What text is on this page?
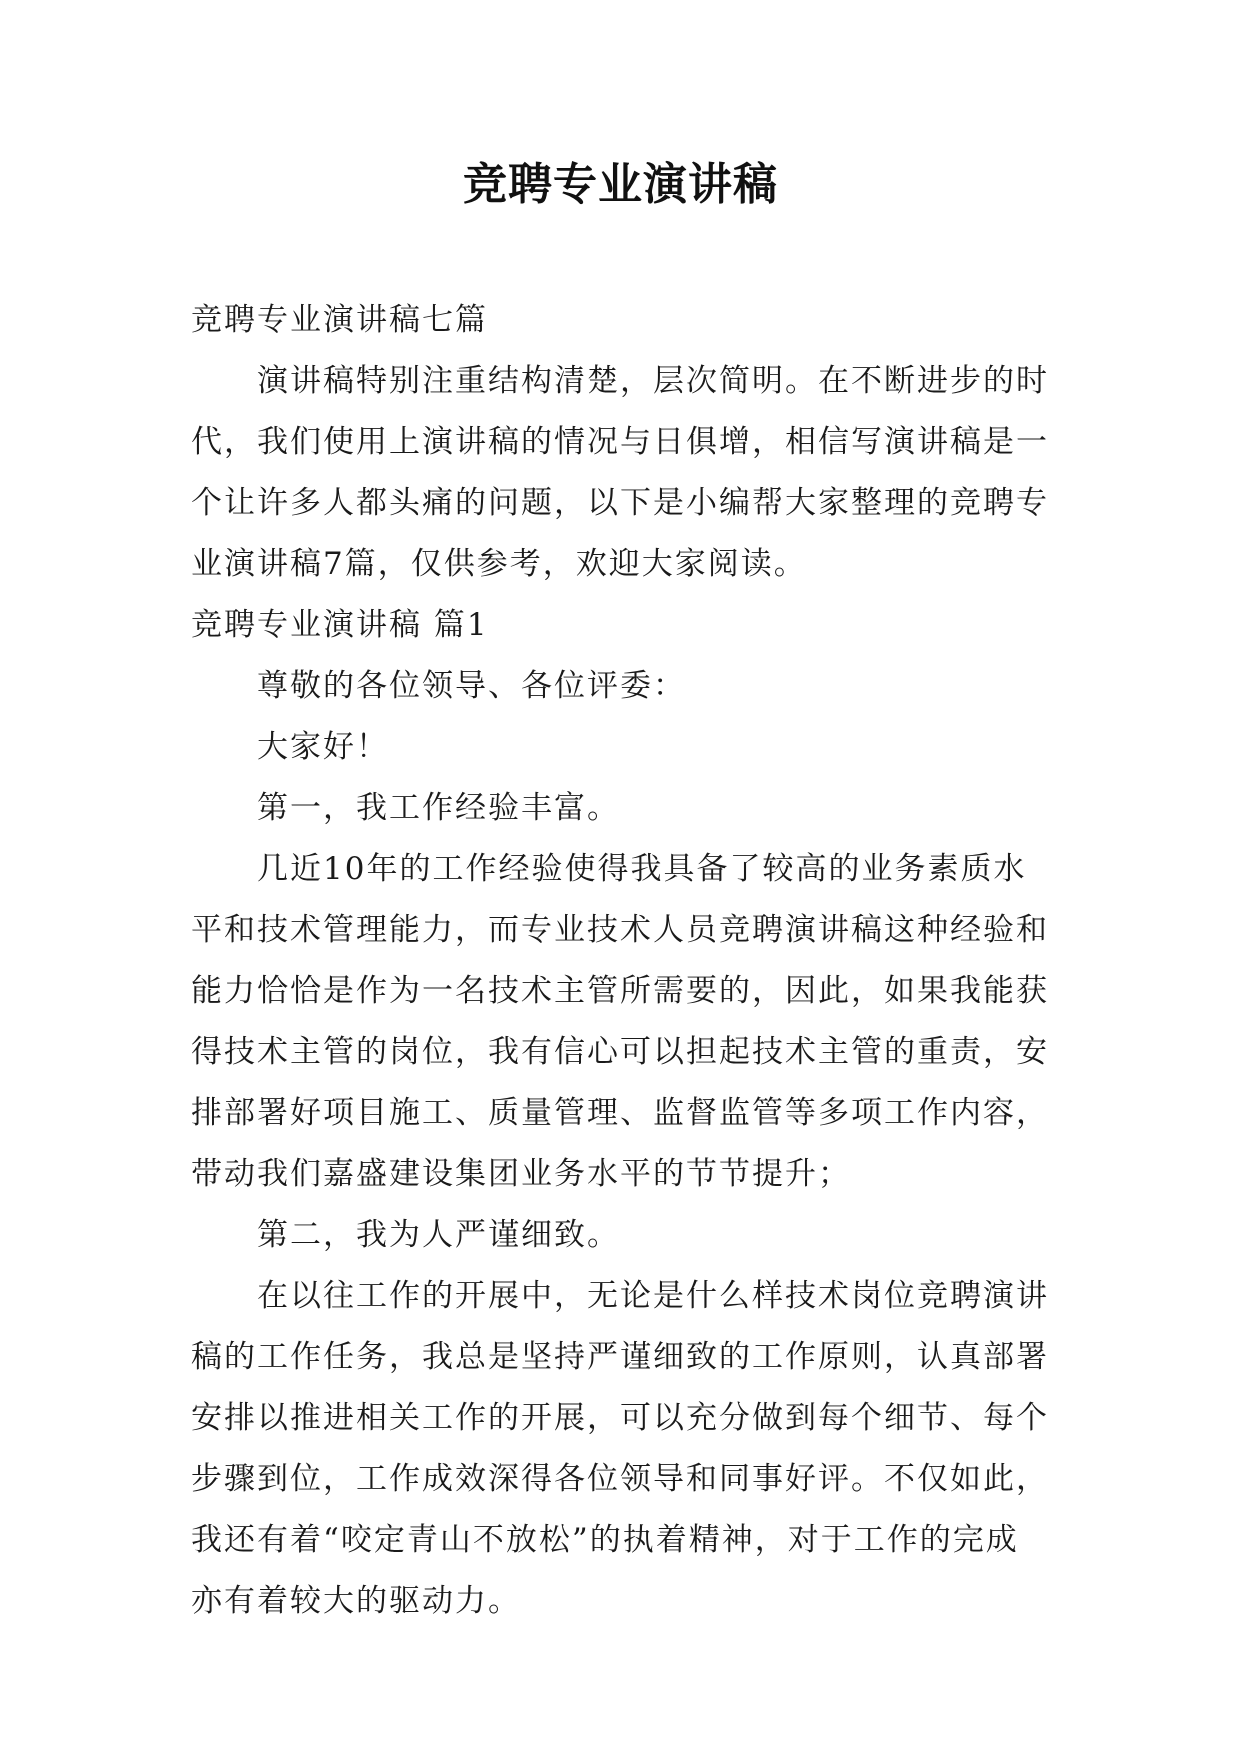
竞聘专业演讲稿

竞聘专业演讲稿七篇

演讲稿特别注重结构清楚，层次简明。在不断进步的时代，我们使用上演讲稿的情况与日俱增，相信写演讲稿是一个让许多人都头痛的问题，以下是小编帮大家整理的竞聘专业演讲稿7篇，仅供参考，欢迎大家阅读。

竞聘专业演讲稿 篇1

尊敬的各位领导、各位评委：

大家好！

第一，我工作经验丰富。

几近10年的工作经验使得我具备了较高的业务素质水平和技术管理能力，而专业技术人员竞聘演讲稿这种经验和能力恰恰是作为一名技术主管所需要的，因此，如果我能获得技术主管的岗位，我有信心可以担起技术主管的重责，安排部署好项目施工、质量管理、监督监管等多项工作内容，带动我们嘉盛建设集团业务水平的节节提升；

第二，我为人严谨细致。

在以往工作的开展中，无论是什么样技术岗位竞聘演讲稿的工作任务，我总是坚持严谨细致的工作原则，认真部署安排以推进相关工作的开展，可以充分做到每个细节、每个步骤到位，工作成效深得各位领导和同事好评。不仅如此，我还有着“咬定青山不放松”的执着精神，对于工作的完成亦有着较大的驱动力。
